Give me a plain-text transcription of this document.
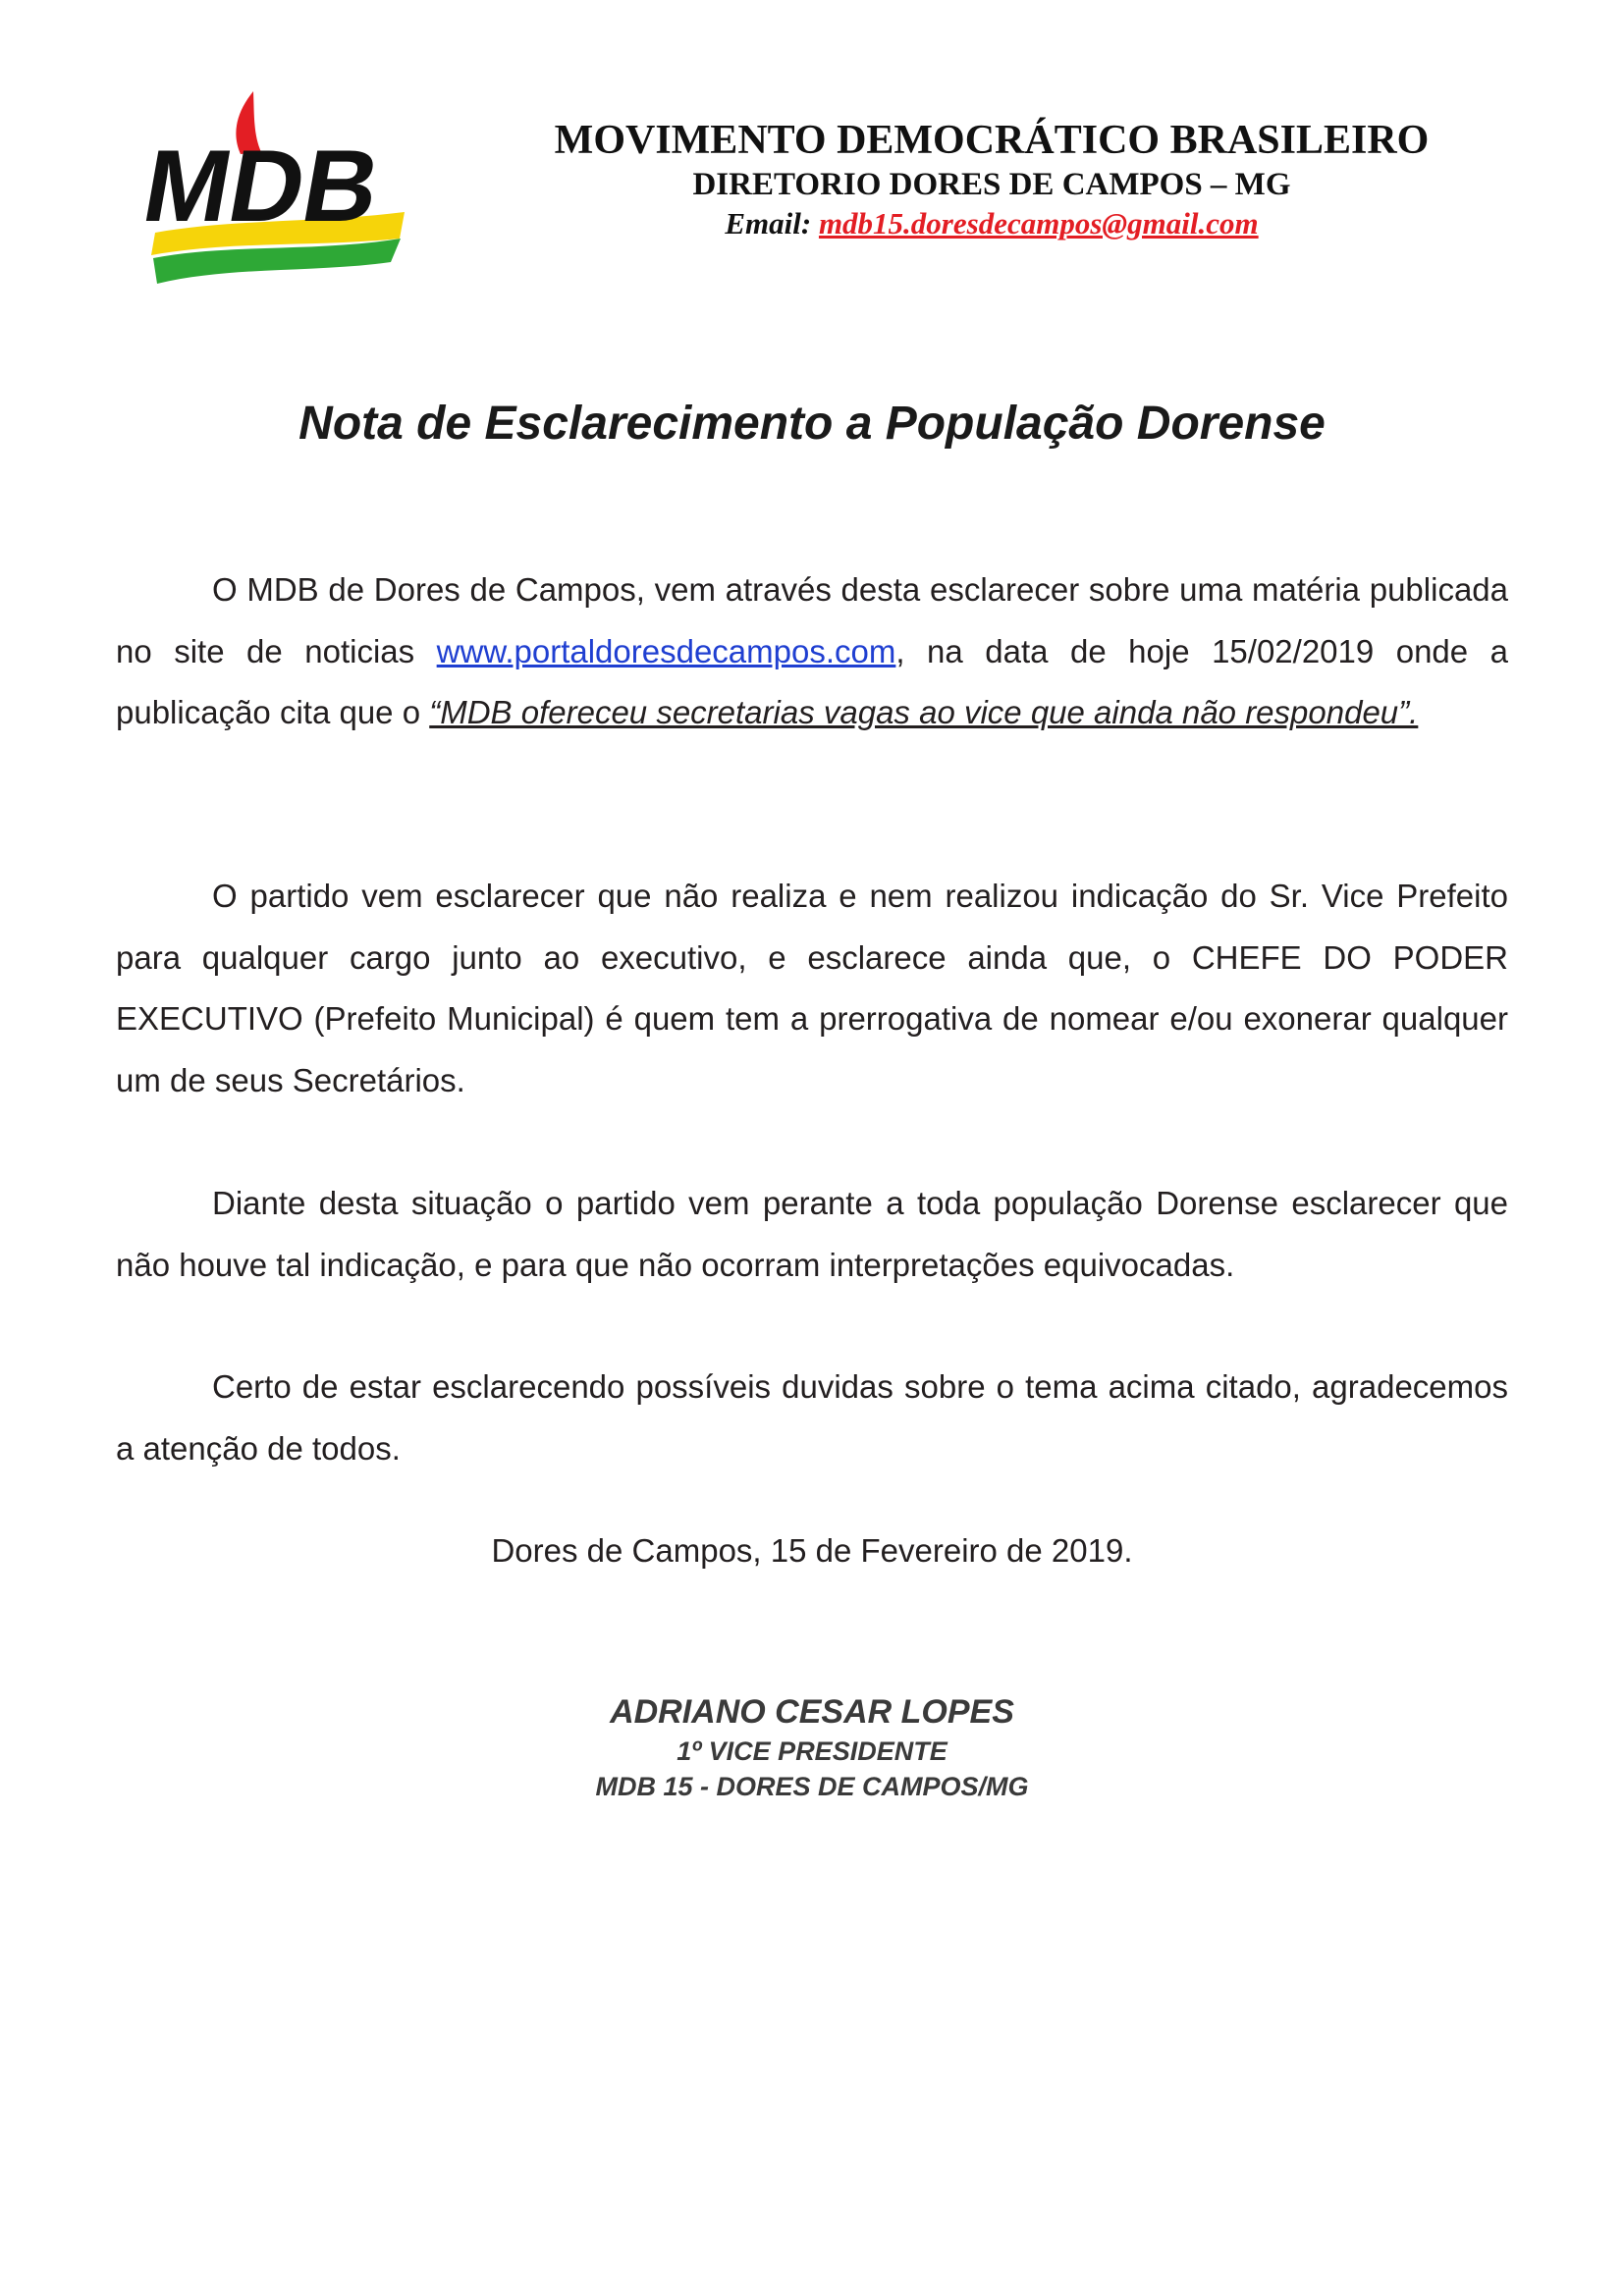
MDB	MOVIMENTO DEMOCRÁTICO BRASILEIRO
DIRETORIO DORES DE CAMPOS – MG
Email: mdb15.doresdecampos@gmail.com
Nota de Esclarecimento a População Dorense

O MDB de Dores de Campos, vem através desta esclarecer sobre uma matéria publicada no site de noticias www.portaldoresdecampos.com, na data de hoje 15/02/2019 onde a publicação cita que o “MDB ofereceu secretarias vagas ao vice que ainda não respondeu”.

O partido vem esclarecer que não realiza e nem realizou indicação do Sr. Vice Prefeito para qualquer cargo junto ao executivo, e esclarece ainda que, o CHEFE DO PODER EXECUTIVO (Prefeito Municipal) é quem tem a prerrogativa de nomear e/ou exonerar qualquer um de seus Secretários.

Diante desta situação o partido vem perante a toda população Dorense esclarecer que não houve tal indicação, e para que não ocorram interpretações equivocadas.

Certo de estar esclarecendo possíveis duvidas sobre o tema acima citado, agradecemos a atenção de todos.

Dores de Campos, 15 de Fevereiro de 2019.
ADRIANO CESAR LOPES
1º VICE PRESIDENTE
MDB 15 - DORES DE CAMPOS/MG
